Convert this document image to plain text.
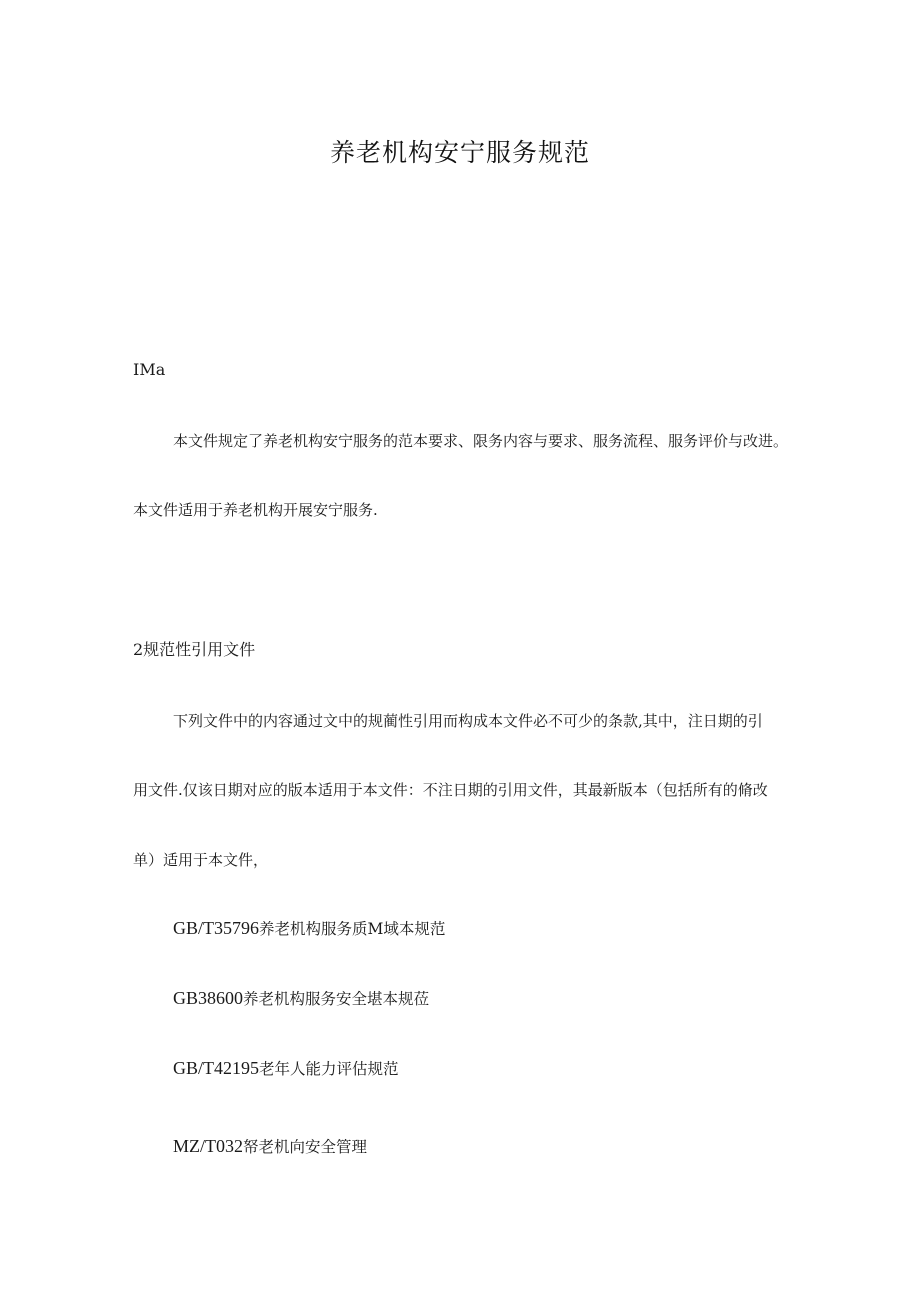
养老机构安宁服务规范
IMa
本文件规定了养老机构安宁服务的范本要求、限务内容与要求、服务流程、服务评价与改进。
本文件适用于养老机构开展安宁服务.
2规范性引用文件
下列文件中的内容通过文中的规蔺性引用而构成本文件必不可少的条款,其中，注日期的引
用文件.仅该日期对应的版本适用于本文件：不注日期的引用文件，其最新版本（包括所有的脩改
单）适用于本文件，
GB/T35796养老机构服务质M域本规范
GB38600养老机构服务安全堪本规莅
GB/T42195老年人能力评估规范
MZ/T032帑老机向安全管理
